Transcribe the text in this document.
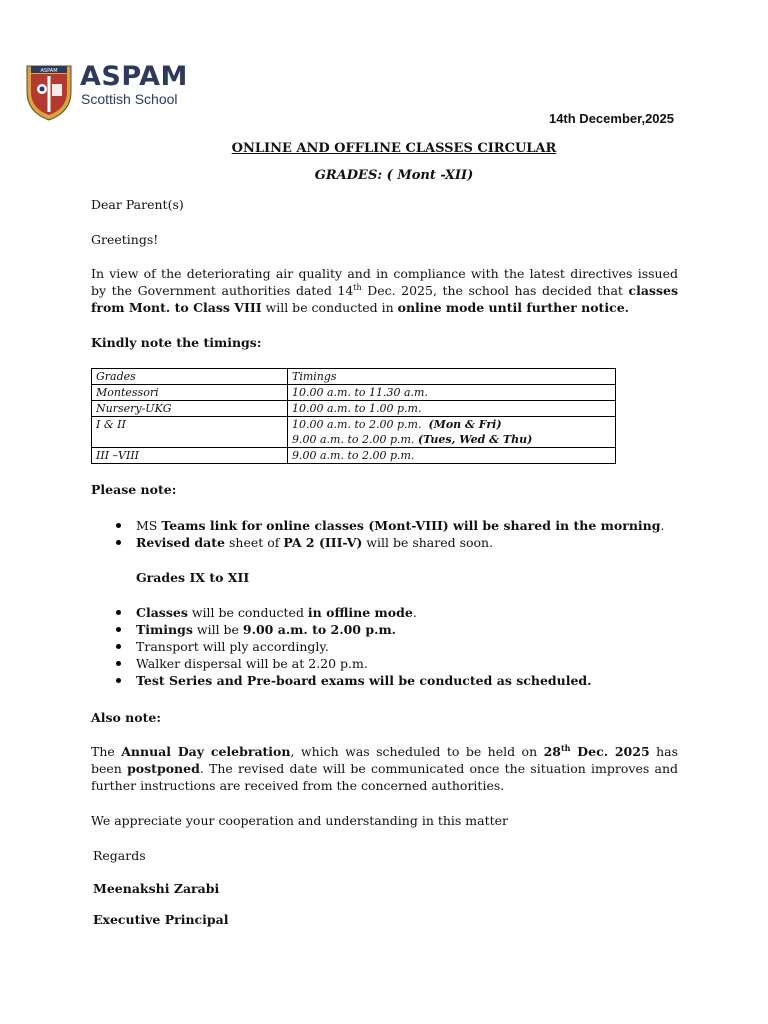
ASPAM ASPAM
Scottish School
14th December,2025
ONLINE AND OFFLINE CLASSES CIRCULAR
GRADES: ( Mont -XII)
Dear Parent(s)
Greetings!
In view of the deteriorating air quality and in compliance with the latest directives issued by the Government authorities dated 14th Dec. 2025, the school has decided that classes from Mont. to Class VIII will be conducted in online mode until further notice.
Kindly note the timings:
Grades	Timings
Montessori	10.00 a.m. to 11.30 a.m.
Nursery-UKG	10.00 a.m. to 1.00 p.m.
I & II	10.00 a.m. to 2.00 p.m. (Mon & Fri)
9.00 a.m. to 2.00 p.m. (Tues, Wed & Thu)

III –VIII	9.00 a.m. to 2.00 p.m.
Please note:
MS Teams link for online classes (Mont-VIII) will be shared in the morning.
Revised date sheet of PA 2 (III-V) will be shared soon.
Grades IX to XII
Classes will be conducted in offline mode.
Timings will be 9.00 a.m. to 2.00 p.m.
Transport will ply accordingly.
Walker dispersal will be at 2.20 p.m.
Test Series and Pre-board exams will be conducted as scheduled.
Also note:
The Annual Day celebration, which was scheduled to be held on 28th Dec. 2025 has been postponed. The revised date will be communicated once the situation improves and further instructions are received from the concerned authorities.
We appreciate your cooperation and understanding in this matter
Regards
Meenakshi Zarabi
Executive Principal
